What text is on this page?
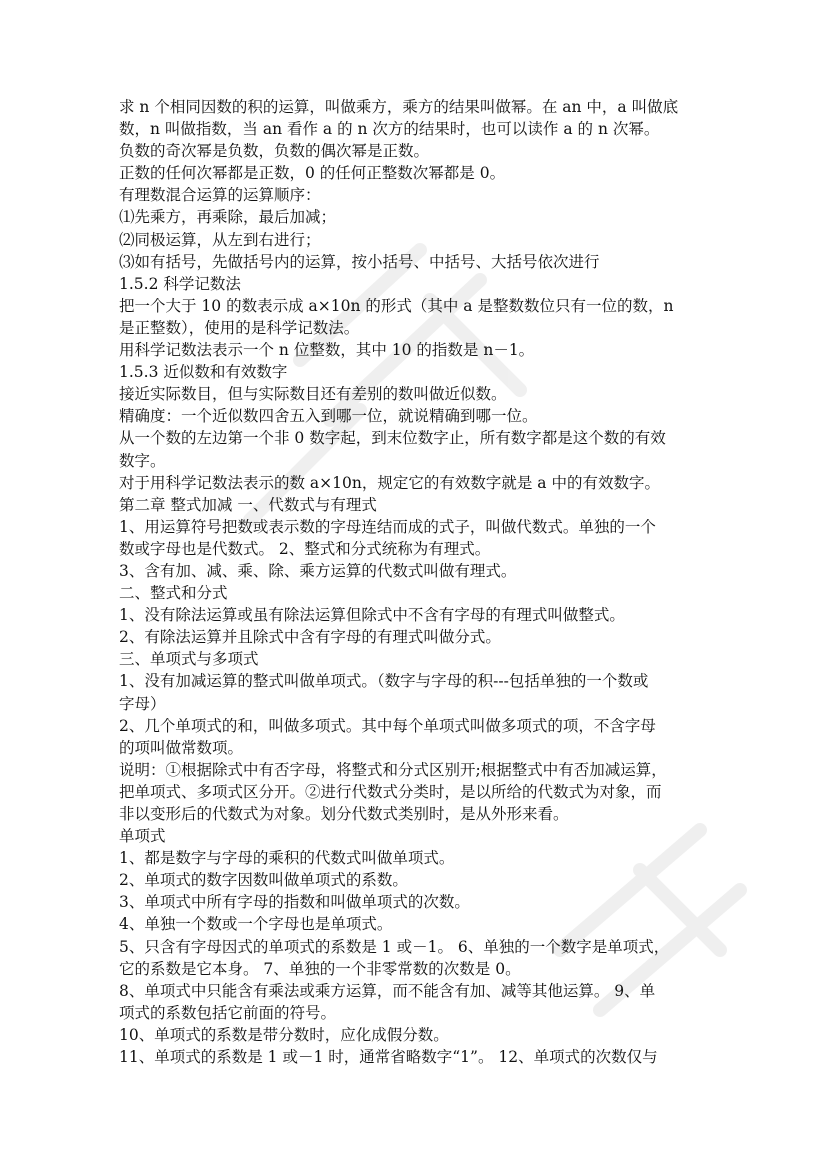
求 n 个相同因数的积的运算，叫做乘方，乘方的结果叫做幂。在 an 中，a 叫做底
数，n 叫做指数，当 an 看作 a 的 n 次方的结果时，也可以读作 a 的 n 次幂。
负数的奇次幂是负数，负数的偶次幂是正数。
正数的任何次幂都是正数，0 的任何正整数次幂都是 0。
有理数混合运算的运算顺序：
⑴先乘方，再乘除，最后加减；
⑵同极运算，从左到右进行；
⑶如有括号，先做括号内的运算，按小括号、中括号、大括号依次进行
1.5.2 科学记数法
把一个大于 10 的数表示成 a×10n 的形式（其中 a 是整数数位只有一位的数，n
是正整数），使用的是科学记数法。
用科学记数法表示一个 n 位整数，其中 10 的指数是 n－1。
1.5.3 近似数和有效数字
接近实际数目，但与实际数目还有差别的数叫做近似数。
精确度：一个近似数四舍五入到哪一位，就说精确到哪一位。
从一个数的左边第一个非 0 数字起，到末位数字止，所有数字都是这个数的有效
数字。
对于用科学记数法表示的数 a×10n，规定它的有效数字就是 a 中的有效数字。
第二章 整式加减 一、代数式与有理式
1、用运算符号把数或表示数的字母连结而成的式子，叫做代数式。单独的一个
数或字母也是代数式。 2、整式和分式统称为有理式。
3、含有加、减、乘、除、乘方运算的代数式叫做有理式。
二、整式和分式
1、没有除法运算或虽有除法运算但除式中不含有字母的有理式叫做整式。
2、有除法运算并且除式中含有字母的有理式叫做分式。
三、单项式与多项式
1、没有加减运算的整式叫做单项式。（数字与字母的积---包括单独的一个数或
字母）
2、几个单项式的和，叫做多项式。其中每个单项式叫做多项式的项，不含字母
的项叫做常数项。
说明：①根据除式中有否字母，将整式和分式区别开;根据整式中有否加减运算，
把单项式、多项式区分开。②进行代数式分类时，是以所给的代数式为对象，而
非以变形后的代数式为对象。划分代数式类别时，是从外形来看。
单项式
1、都是数字与字母的乘积的代数式叫做单项式。
2、单项式的数字因数叫做单项式的系数。
3、单项式中所有字母的指数和叫做单项式的次数。
4、单独一个数或一个字母也是单项式。
5、只含有字母因式的单项式的系数是 1 或－1。 6、单独的一个数字是单项式，
它的系数是它本身。 7、单独的一个非零常数的次数是 0。
8、单项式中只能含有乘法或乘方运算，而不能含有加、减等其他运算。 9、单
项式的系数包括它前面的符号。
10、单项式的系数是带分数时，应化成假分数。
11、单项式的系数是 1 或－1 时，通常省略数字“1”。 12、单项式的次数仅与
